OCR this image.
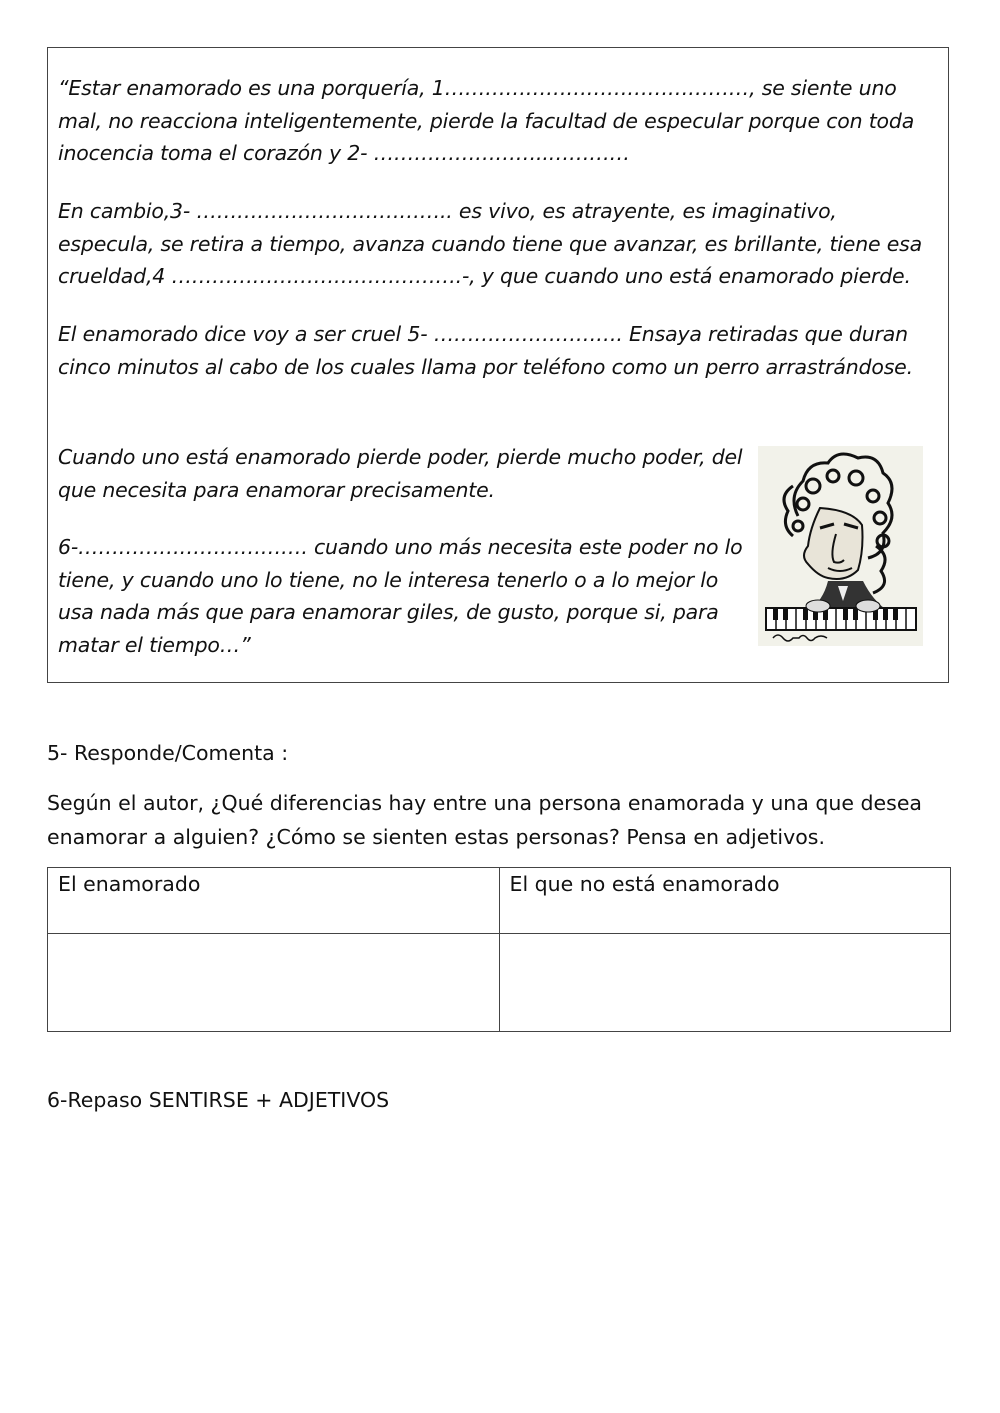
“Estar enamorado es una porquería, 1………………………………………, se siente uno mal, no reacciona inteligentemente, pierde la facultad de especular porque con toda inocencia toma el corazón y 2- ……………………..…………

En cambio,3- ……………………………….. es vivo, es atrayente, es imaginativo, especula, se retira a tiempo, avanza cuando tiene que avanzar, es brillante, tiene esa crueldad,4 …………………………………….-, y que cuando uno está enamorado pierde.

El enamorado dice voy a ser cruel 5- ………………………. Ensaya retiradas que duran cinco minutos al cabo de los cuales llama por teléfono como un perro arrastrándose.

Cuando uno está enamorado pierde poder, pierde mucho poder, del que necesita para enamorar precisamente.

6-……………………………. cuando uno más necesita este poder no lo tiene, y cuando uno lo tiene, no le interesa tenerlo o a lo mejor lo usa nada más que para enamorar giles, de gusto, porque si, para matar el tiempo…”

5- Responde/Comenta :

Según el autor, ¿Qué diferencias hay entre una persona enamorada y una que desea enamorar a alguien? ¿Cómo se sienten estas personas? Pensa en adjetivos.

El enamorado	El que no está enamorado

6-Repaso SENTIRSE + ADJETIVOS
